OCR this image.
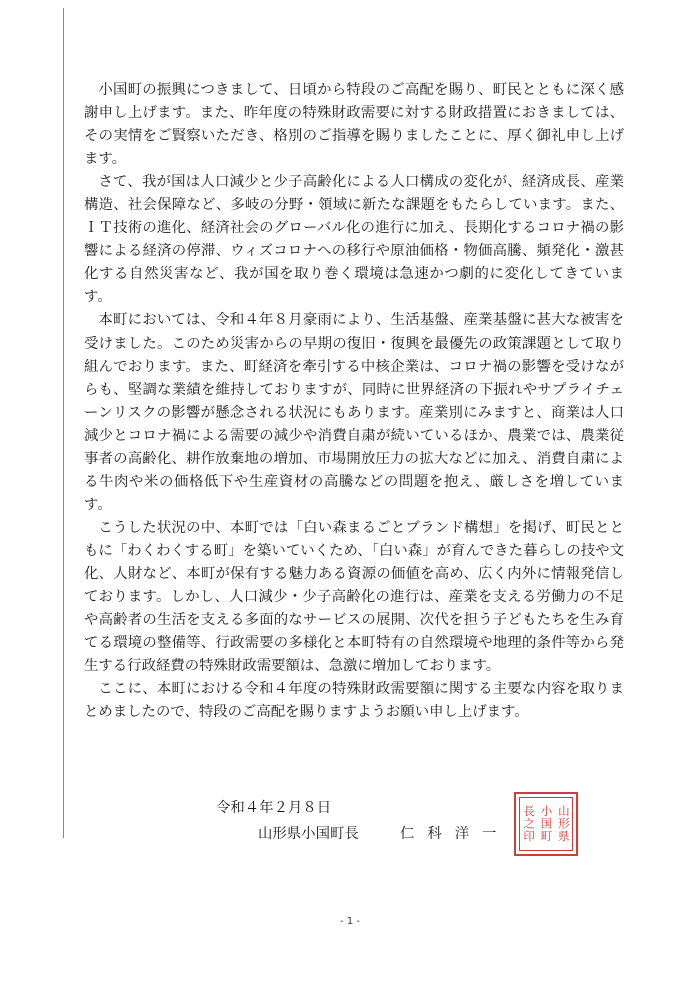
小国町の振興につきまして、日頃から特段のご高配を賜り、町民とともに深く感謝申し上げます。また、昨年度の特殊財政需要に対する財政措置におきましては、その実情をご賢察いただき、格別のご指導を賜りましたことに、厚く御礼申し上げます。

さて、我が国は人口減少と少子高齢化による人口構成の変化が、経済成長、産業構造、社会保障など、多岐の分野・領域に新たな課題をもたらしています。また、ＩＴ技術の進化、経済社会のグローバル化の進行に加え、長期化するコロナ禍の影響による経済の停滞、ウィズコロナへの移行や原油価格・物価高騰、頻発化・激甚化する自然災害など、我が国を取り巻く環境は急速かつ劇的に変化してきています。

本町においては、令和４年８月豪雨により、生活基盤、産業基盤に甚大な被害を受けました。このため災害からの早期の復旧・復興を最優先の政策課題として取り組んでおります。また、町経済を牽引する中核企業は、コロナ禍の影響を受けながらも、堅調な業績を維持しておりますが、同時に世界経済の下振れやサプライチェーンリスクの影響が懸念される状況にもあります。産業別にみますと、商業は人口減少とコロナ禍による需要の減少や消費自粛が続いているほか、農業では、農業従事者の高齢化、耕作放棄地の増加、市場開放圧力の拡大などに加え、消費自粛による牛肉や米の価格低下や生産資材の高騰などの問題を抱え、厳しさを増しています。

こうした状況の中、本町では「白い森まるごとブランド構想」を掲げ、町民とともに「わくわくする町」を築いていくため、「白い森」が育んできた暮らしの技や文化、人財など、本町が保有する魅力ある資源の価値を高め、広く内外に情報発信しております。しかし、人口減少・少子高齢化の進行は、産業を支える労働力の不足や高齢者の生活を支える多面的なサービスの展開、次代を担う子どもたちを生み育てる環境の整備等、行政需要の多様化と本町特有の自然環境や地理的条件等から発生する行政経費の特殊財政需要額は、急激に増加しております。

ここに、本町における令和４年度の特殊財政需要額に関する主要な内容を取りまとめましたので、特段のご高配を賜りますようお願い申し上げます。

令和４年２月８日
山形県小国町長	仁科洋一	山形県
小国町
長之印
- 1 -
